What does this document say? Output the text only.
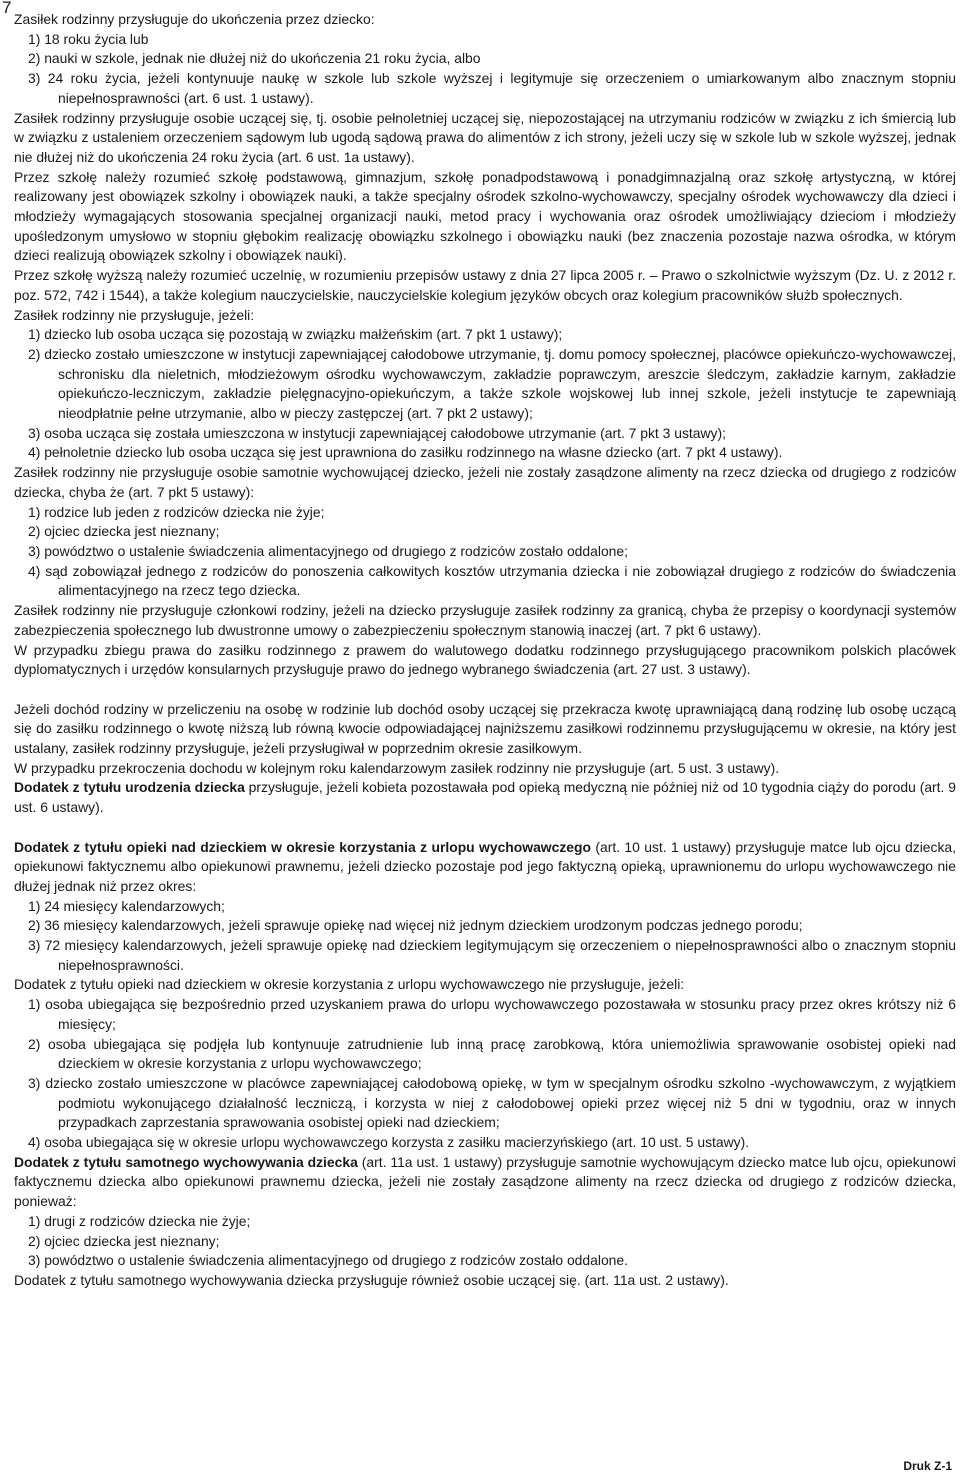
7

Zasiłek rodzinny przysługuje do ukończenia przez dziecko:

1) 18 roku życia lub

2) nauki w szkole, jednak nie dłużej niż do ukończenia 21 roku życia, albo

3) 24 roku życia, jeżeli kontynuuje naukę w szkole lub szkole wyższej i legitymuje się orzeczeniem o umiarkowanym albo znacznym stopniu niepełnosprawności (art. 6 ust. 1 ustawy).

Zasiłek rodzinny przysługuje osobie uczącej się, tj. osobie pełnoletniej uczącej się, niepozostającej na utrzymaniu rodziców w związku z ich śmiercią lub w związku z ustaleniem orzeczeniem sądowym lub ugodą sądową prawa do alimentów z ich strony, jeżeli uczy się w szkole lub w szkole wyższej, jednak nie dłużej niż do ukończenia 24 roku życia (art. 6 ust. 1a ustawy).

Przez szkołę należy rozumieć szkołę podstawową, gimnazjum, szkołę ponadpodstawową i ponadgimnazjalną oraz szkołę artystyczną, w której realizowany jest obowiązek szkolny i obowiązek nauki, a także specjalny ośrodek szkolno-wychowawczy, specjalny ośrodek wychowawczy dla dzieci i młodzieży wymagających stosowania specjalnej organizacji nauki, metod pracy i wychowania oraz ośrodek umożliwiający dzieciom i młodzieży upośledzonym umysłowo w stopniu głębokim realizację obowiązku szkolnego i obowiązku nauki (bez znaczenia pozostaje nazwa ośrodka, w którym dzieci realizują obowiązek szkolny i obowiązek nauki).

Przez szkołę wyższą należy rozumieć uczelnię, w rozumieniu przepisów ustawy z dnia 27 lipca 2005 r. – Prawo o szkolnictwie wyższym (Dz. U. z 2012 r. poz. 572, 742 i 1544), a także kolegium nauczycielskie, nauczycielskie kolegium języków obcych oraz kolegium pracowników służb społecznych.

Zasiłek rodzinny nie przysługuje, jeżeli:

1) dziecko lub osoba ucząca się pozostają w związku małżeńskim (art. 7 pkt 1 ustawy);

2) dziecko zostało umieszczone w instytucji zapewniającej całodobowe utrzymanie, tj. domu pomocy społecznej, placówce opiekuńczo-wychowawczej, schronisku dla nieletnich, młodzieżowym ośrodku wychowawczym, zakładzie poprawczym, areszcie śledczym, zakładzie karnym, zakładzie opiekuńczo-leczniczym, zakładzie pielęgnacyjno-opiekuńczym, a także szkole wojskowej lub innej szkole, jeżeli instytucje te zapewniają nieodpłatnie pełne utrzymanie, albo w pieczy zastępczej (art. 7 pkt 2 ustawy);

3) osoba ucząca się została umieszczona w instytucji zapewniającej całodobowe utrzymanie (art. 7 pkt 3 ustawy);

4) pełnoletnie dziecko lub osoba ucząca się jest uprawniona do zasiłku rodzinnego na własne dziecko (art. 7 pkt 4 ustawy).

Zasiłek rodzinny nie przysługuje osobie samotnie wychowującej dziecko, jeżeli nie zostały zasądzone alimenty na rzecz dziecka od drugiego z rodziców dziecka, chyba że (art. 7 pkt 5 ustawy):

1) rodzice lub jeden z rodziców dziecka nie żyje;

2) ojciec dziecka jest nieznany;

3) powództwo o ustalenie świadczenia alimentacyjnego od drugiego z rodziców zostało oddalone;

4) sąd zobowiązał jednego z rodziców do ponoszenia całkowitych kosztów utrzymania dziecka i nie zobowiązał drugiego z rodziców do świadczenia alimentacyjnego na rzecz tego dziecka.

Zasiłek rodzinny nie przysługuje członkowi rodziny, jeżeli na dziecko przysługuje zasiłek rodzinny za granicą, chyba że przepisy o koordynacji systemów zabezpieczenia społecznego lub dwustronne umowy o zabezpieczeniu społecznym stanowią inaczej (art. 7 pkt 6 ustawy).

W przypadku zbiegu prawa do zasiłku rodzinnego z prawem do walutowego dodatku rodzinnego przysługującego pracownikom polskich placówek dyplomatycznych i urzędów konsularnych przysługuje prawo do jednego wybranego świadczenia (art. 27 ust. 3 ustawy).

Jeżeli dochód rodziny w przeliczeniu na osobę w rodzinie lub dochód osoby uczącej się przekracza kwotę uprawniającą daną rodzinę lub osobę uczącą się do zasiłku rodzinnego o kwotę niższą lub równą kwocie odpowiadającej najniższemu zasiłkowi rodzinnemu przysługującemu w okresie, na który jest ustalany, zasiłek rodzinny przysługuje, jeżeli przysługiwał w poprzednim okresie zasiłkowym.

W przypadku przekroczenia dochodu w kolejnym roku kalendarzowym zasiłek rodzinny nie przysługuje (art. 5 ust. 3 ustawy).

Dodatek z tytułu urodzenia dziecka przysługuje, jeżeli kobieta pozostawała pod opieką medyczną nie później niż od 10 tygodnia ciąży do porodu (art. 9 ust. 6 ustawy).

Dodatek z tytułu opieki nad dzieckiem w okresie korzystania z urlopu wychowawczego (art. 10 ust. 1 ustawy) przysługuje matce lub ojcu dziecka, opiekunowi faktycznemu albo opiekunowi prawnemu, jeżeli dziecko pozostaje pod jego faktyczną opieką, uprawnionemu do urlopu wychowawczego nie dłużej jednak niż przez okres:

1) 24 miesięcy kalendarzowych;

2) 36 miesięcy kalendarzowych, jeżeli sprawuje opiekę nad więcej niż jednym dzieckiem urodzonym podczas jednego porodu;

3) 72 miesięcy kalendarzowych, jeżeli sprawuje opiekę nad dzieckiem legitymującym się orzeczeniem o niepełnosprawności albo o znacznym stopniu niepełnosprawności.

Dodatek z tytułu opieki nad dzieckiem w okresie korzystania z urlopu wychowawczego nie przysługuje, jeżeli:

1) osoba ubiegająca się bezpośrednio przed uzyskaniem prawa do urlopu wychowawczego pozostawała w stosunku pracy przez okres krótszy niż 6 miesięcy;

2) osoba ubiegająca się podjęła lub kontynuuje zatrudnienie lub inną pracę zarobkową, która uniemożliwia sprawowanie osobistej opieki nad dzieckiem w okresie korzystania z urlopu wychowawczego;

3) dziecko zostało umieszczone w placówce zapewniającej całodobową opiekę, w tym w specjalnym ośrodku szkolno -wychowawczym, z wyjątkiem podmiotu wykonującego działalność leczniczą, i korzysta w niej z całodobowej opieki przez więcej niż 5 dni w tygodniu, oraz w innych przypadkach zaprzestania sprawowania osobistej opieki nad dzieckiem;

4) osoba ubiegająca się w okresie urlopu wychowawczego korzysta z zasiłku macierzyńskiego (art. 10 ust. 5 ustawy).

Dodatek z tytułu samotnego wychowywania dziecka (art. 11a ust. 1 ustawy) przysługuje samotnie wychowującym dziecko matce lub ojcu, opiekunowi faktycznemu dziecka albo opiekunowi prawnemu dziecka, jeżeli nie zostały zasądzone alimenty na rzecz dziecka od drugiego z rodziców dziecka, ponieważ:

1) drugi z rodziców dziecka nie żyje;

2) ojciec dziecka jest nieznany;

3) powództwo o ustalenie świadczenia alimentacyjnego od drugiego z rodziców zostało oddalone.

Dodatek z tytułu samotnego wychowywania dziecka przysługuje również osobie uczącej się. (art. 11a ust. 2 ustawy).

Druk Z-1
